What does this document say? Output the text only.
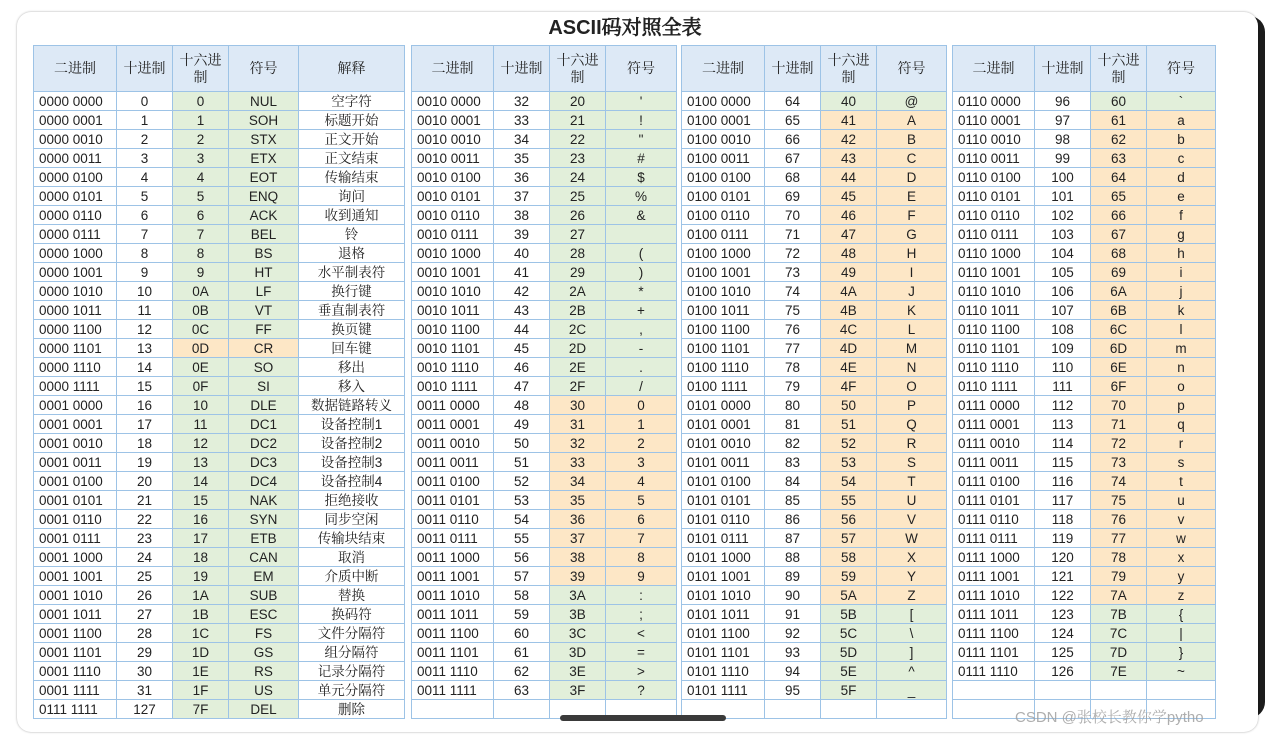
ASCII码对照全表
二进制	十进制	十六进制	符号	解释
0000 0000	0	0	NUL	空字符
0000 0001	1	1	SOH	标题开始
0000 0010	2	2	STX	正文开始
0000 0011	3	3	ETX	正文结束
0000 0100	4	4	EOT	传输结束
0000 0101	5	5	ENQ	询问
0000 0110	6	6	ACK	收到通知
0000 0111	7	7	BEL	铃
0000 1000	8	8	BS	退格
0000 1001	9	9	HT	水平制表符
0000 1010	10	0A	LF	换行键
0000 1011	11	0B	VT	垂直制表符
0000 1100	12	0C	FF	换页键
0000 1101	13	0D	CR	回车键
0000 1110	14	0E	SO	移出
0000 1111	15	0F	SI	移入
0001 0000	16	10	DLE	数据链路转义
0001 0001	17	11	DC1	设备控制1
0001 0010	18	12	DC2	设备控制2
0001 0011	19	13	DC3	设备控制3
0001 0100	20	14	DC4	设备控制4
0001 0101	21	15	NAK	拒绝接收
0001 0110	22	16	SYN	同步空闲
0001 0111	23	17	ETB	传输块结束
0001 1000	24	18	CAN	取消
0001 1001	25	19	EM	介质中断
0001 1010	26	1A	SUB	替换
0001 1011	27	1B	ESC	换码符
0001 1100	28	1C	FS	文件分隔符
0001 1101	29	1D	GS	组分隔符
0001 1110	30	1E	RS	记录分隔符
0001 1111	31	1F	US	单元分隔符
0111 1111	127	7F	DEL	删除
二进制	十进制	十六进制	符号
0010 0000	32	20	'
0010 0001	33	21	!
0010 0010	34	22	"
0010 0011	35	23	#
0010 0100	36	24	$
0010 0101	37	25	%
0010 0110	38	26	&
0010 0111	39	27	
0010 1000	40	28	(
0010 1001	41	29	)
0010 1010	42	2A	*
0010 1011	43	2B	+
0010 1100	44	2C	,
0010 1101	45	2D	-
0010 1110	46	2E	.
0010 1111	47	2F	/
0011 0000	48	30	0
0011 0001	49	31	1
0011 0010	50	32	2
0011 0011	51	33	3
0011 0100	52	34	4
0011 0101	53	35	5
0011 0110	54	36	6
0011 0111	55	37	7
0011 1000	56	38	8
0011 1001	57	39	9
0011 1010	58	3A	:
0011 1011	59	3B	;
0011 1100	60	3C	<
0011 1101	61	3D	=
0011 1110	62	3E	>
0011 1111	63	3F	?

二进制	十进制	十六进制	符号
0100 0000	64	40	@
0100 0001	65	41	A
0100 0010	66	42	B
0100 0011	67	43	C
0100 0100	68	44	D
0100 0101	69	45	E
0100 0110	70	46	F
0100 0111	71	47	G
0100 1000	72	48	H
0100 1001	73	49	I
0100 1010	74	4A	J
0100 1011	75	4B	K
0100 1100	76	4C	L
0100 1101	77	4D	M
0100 1110	78	4E	N
0100 1111	79	4F	O
0101 0000	80	50	P
0101 0001	81	51	Q
0101 0010	82	52	R
0101 0011	83	53	S
0101 0100	84	54	T
0101 0101	85	55	U
0101 0110	86	56	V
0101 0111	87	57	W
0101 1000	88	58	X
0101 1001	89	59	Y
0101 1010	90	5A	Z
0101 1011	91	5B	[
0101 1100	92	5C	\
0101 1101	93	5D	]
0101 1110	94	5E	^
0101 1111	95	5F	_

二进制	十进制	十六进制	符号
0110 0000	96	60	`
0110 0001	97	61	a
0110 0010	98	62	b
0110 0011	99	63	c
0110 0100	100	64	d
0110 0101	101	65	e
0110 0110	102	66	f
0110 0111	103	67	g
0110 1000	104	68	h
0110 1001	105	69	i
0110 1010	106	6A	j
0110 1011	107	6B	k
0110 1100	108	6C	l
0110 1101	109	6D	m
0110 1110	110	6E	n
0110 1111	111	6F	o
0111 0000	112	70	p
0111 0001	113	71	q
0111 0010	114	72	r
0111 0011	115	73	s
0111 0100	116	74	t
0111 0101	117	75	u
0111 0110	118	76	v
0111 0111	119	77	w
0111 1000	120	78	x
0111 1001	121	79	y
0111 1010	122	7A	z
0111 1011	123	7B	{
0111 1100	124	7C	|
0111 1101	125	7D	}
0111 1110	126	7E	~

CSDN @张校长教你学pytho
